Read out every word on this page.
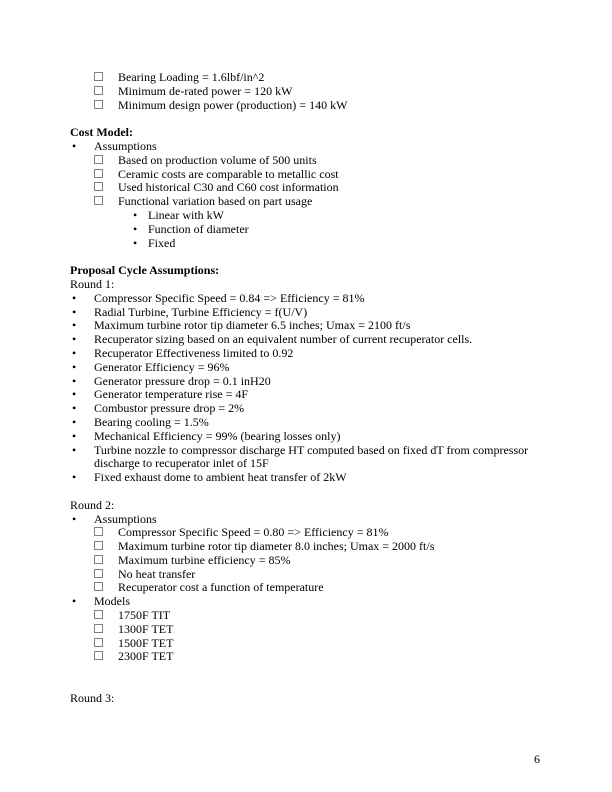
Bearing Loading = 1.6lbf/in^2
Minimum de-rated power = 120 kW
Minimum design power (production) = 140 kW
Cost Model:
•
Assumptions
Based on production volume of 500 units
Ceramic costs are comparable to metallic cost
Used historical C30 and C60 cost information
Functional variation based on part usage
•
Linear with kW
•
Function of diameter
•
Fixed
Proposal Cycle Assumptions:
Round 1:
•
Compressor Specific Speed = 0.84 => Efficiency = 81%
•
Radial Turbine, Turbine Efficiency = f(U/V)
•
Maximum turbine rotor tip diameter 6.5 inches; Umax = 2100 ft/s
•
Recuperator sizing based on an equivalent number of current recuperator cells.
•
Recuperator Effectiveness limited to 0.92
•
Generator Efficiency = 96%
•
Generator pressure drop = 0.1 inH20
•
Generator temperature rise = 4F
•
Combustor pressure drop = 2%
•
Bearing cooling = 1.5%
•
Mechanical Efficiency = 99% (bearing losses only)
•
Turbine nozzle to compressor discharge HT computed based on fixed dT from compressor discharge to recuperator inlet of 15F
•
Fixed exhaust dome to ambient heat transfer of 2kW
Round 2:
•
Assumptions
Compressor Specific Speed = 0.80 => Efficiency = 81%
Maximum turbine rotor tip diameter 8.0 inches; Umax = 2000 ft/s
Maximum turbine efficiency = 85%
No heat transfer
Recuperator cost a function of temperature
•
Models
1750F TIT
1300F TET
1500F TET
2300F TET
Round 3:
6
